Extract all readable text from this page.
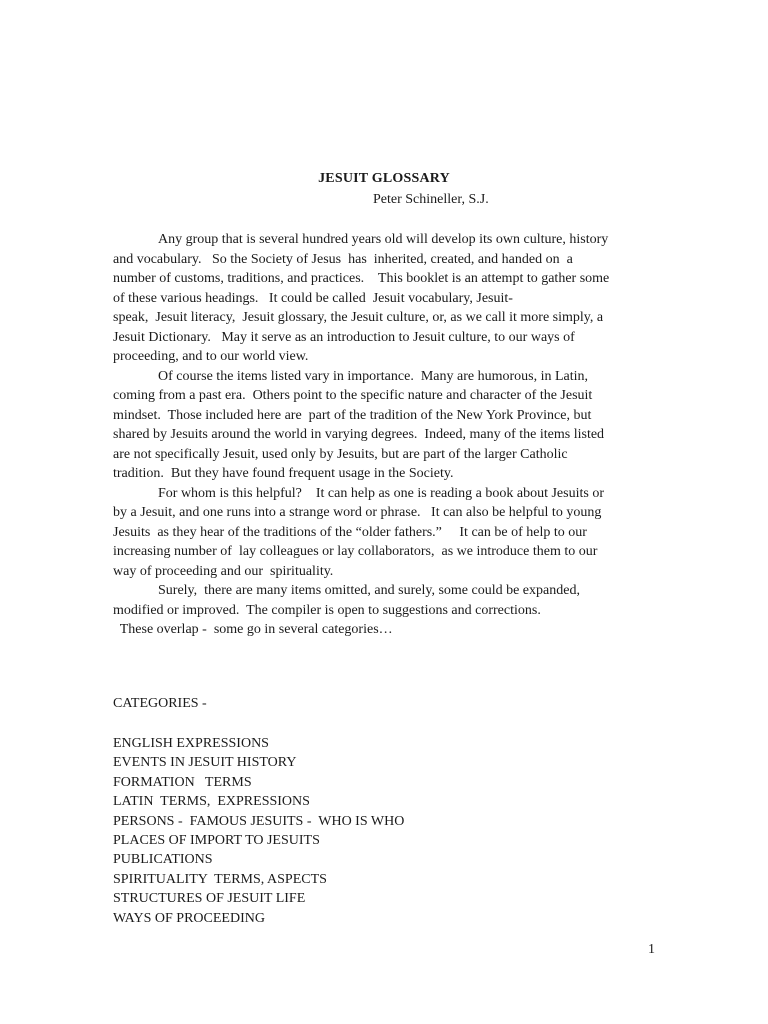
JESUIT GLOSSARY
Peter Schineller, S.J.
Any group that is several hundred years old will develop its own culture, history
and vocabulary.   So the Society of Jesus  has  inherited, created, and handed on  a
number of customs, traditions, and practices.    This booklet is an attempt to gather some
of these various headings.   It could be called  Jesuit vocabulary, Jesuit-
speak,  Jesuit literacy,  Jesuit glossary, the Jesuit culture, or, as we call it more simply, a
Jesuit Dictionary.   May it serve as an introduction to Jesuit culture, to our ways of
proceeding, and to our world view.
Of course the items listed vary in importance.  Many are humorous, in Latin,
coming from a past era.  Others point to the specific nature and character of the Jesuit
mindset.  Those included here are  part of the tradition of the New York Province, but
shared by Jesuits around the world in varying degrees.  Indeed, many of the items listed
are not specifically Jesuit, used only by Jesuits, but are part of the larger Catholic
tradition.  But they have found frequent usage in the Society.
For whom is this helpful?    It can help as one is reading a book about Jesuits or
by a Jesuit, and one runs into a strange word or phrase.   It can also be helpful to young
Jesuits  as they hear of the traditions of the “older fathers.”     It can be of help to our
increasing number of  lay colleagues or lay collaborators,  as we introduce them to our
way of proceeding and our  spirituality.
Surely,  there are many items omitted, and surely, some could be expanded,
modified or improved.  The compiler is open to suggestions and corrections.
These overlap -  some go in several categories…
CATEGORIES -
ENGLISH EXPRESSIONS
EVENTS IN JESUIT HISTORY
FORMATION   TERMS
LATIN  TERMS,  EXPRESSIONS
PERSONS -  FAMOUS JESUITS -  WHO IS WHO
PLACES OF IMPORT TO JESUITS
PUBLICATIONS
SPIRITUALITY  TERMS, ASPECTS
STRUCTURES OF JESUIT LIFE
WAYS OF PROCEEDING
1
